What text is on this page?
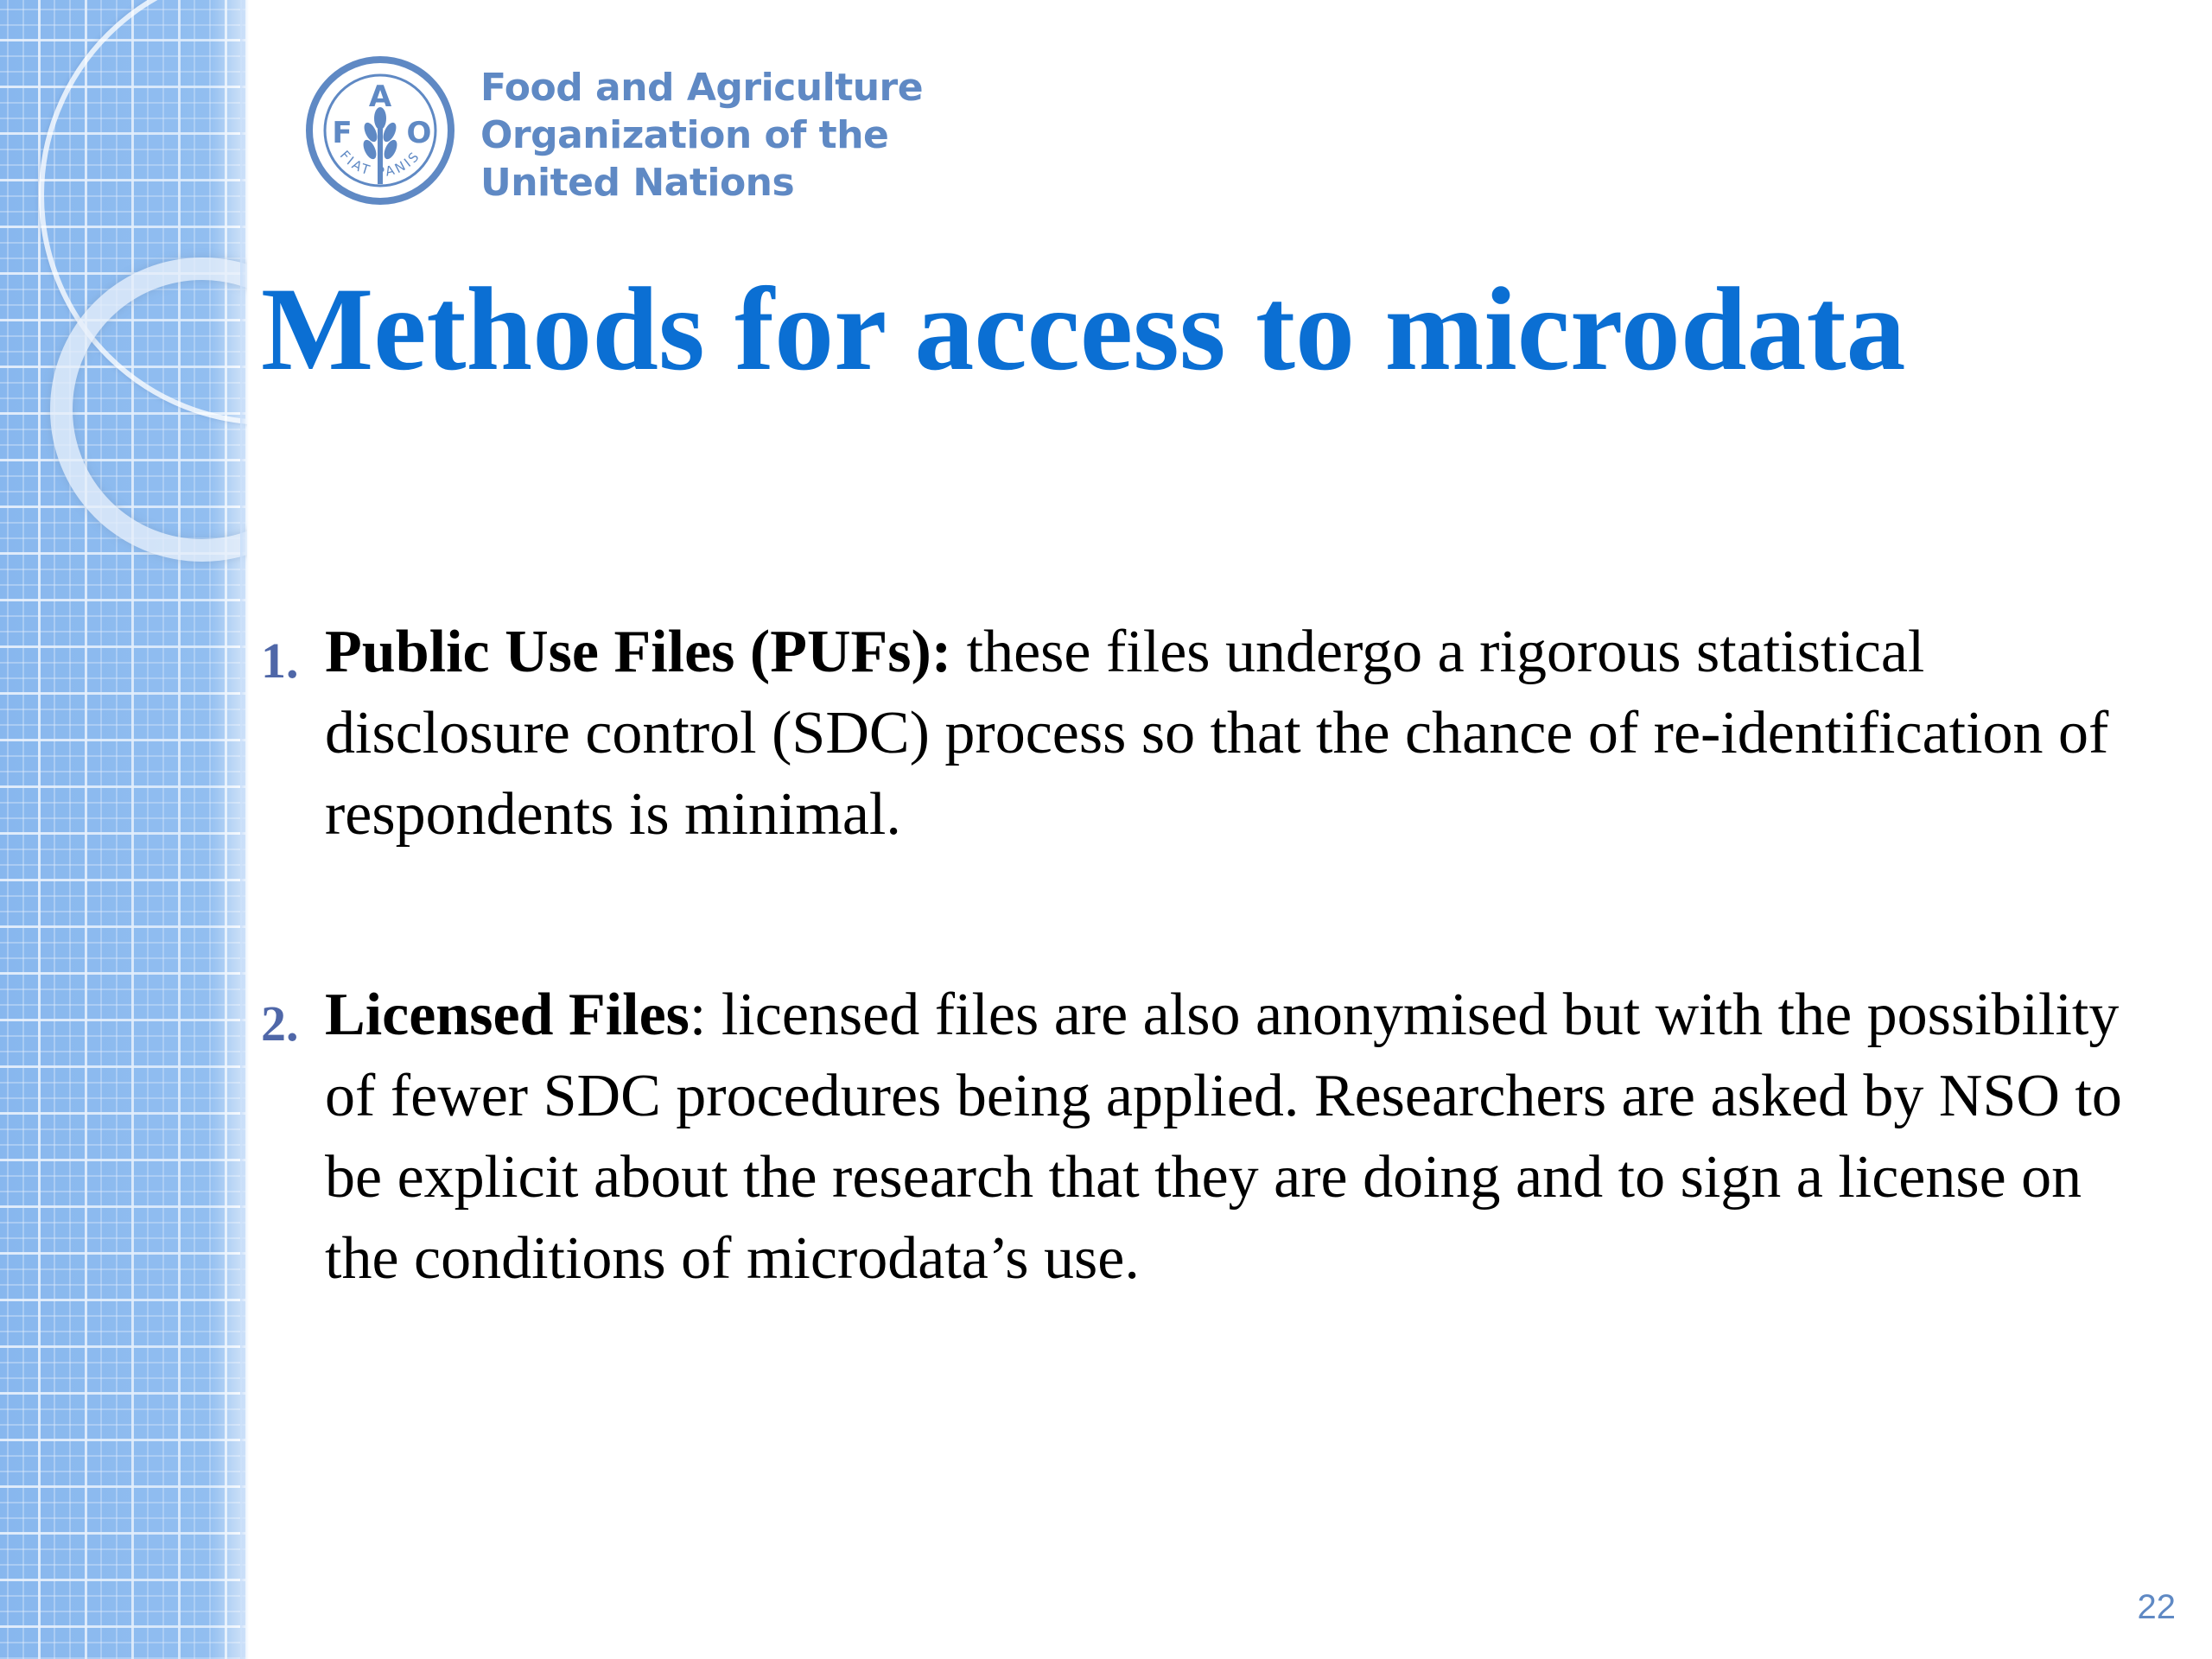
F
A
O
FIAT PANIS
Food and Agriculture
Organization of the
United Nations
Methods for access to microdata
1. Public Use Files (PUFs): these files undergo a rigorous statistical disclosure control (SDC) process so that the chance of re-identification of respondents is minimal.

2. Licensed Files: licensed files are also anonymised but with the possibility of fewer SDC procedures being applied. Researchers are asked by NSO to be explicit about the research that they are doing and to sign a license on the conditions of microdata’s use.

22
